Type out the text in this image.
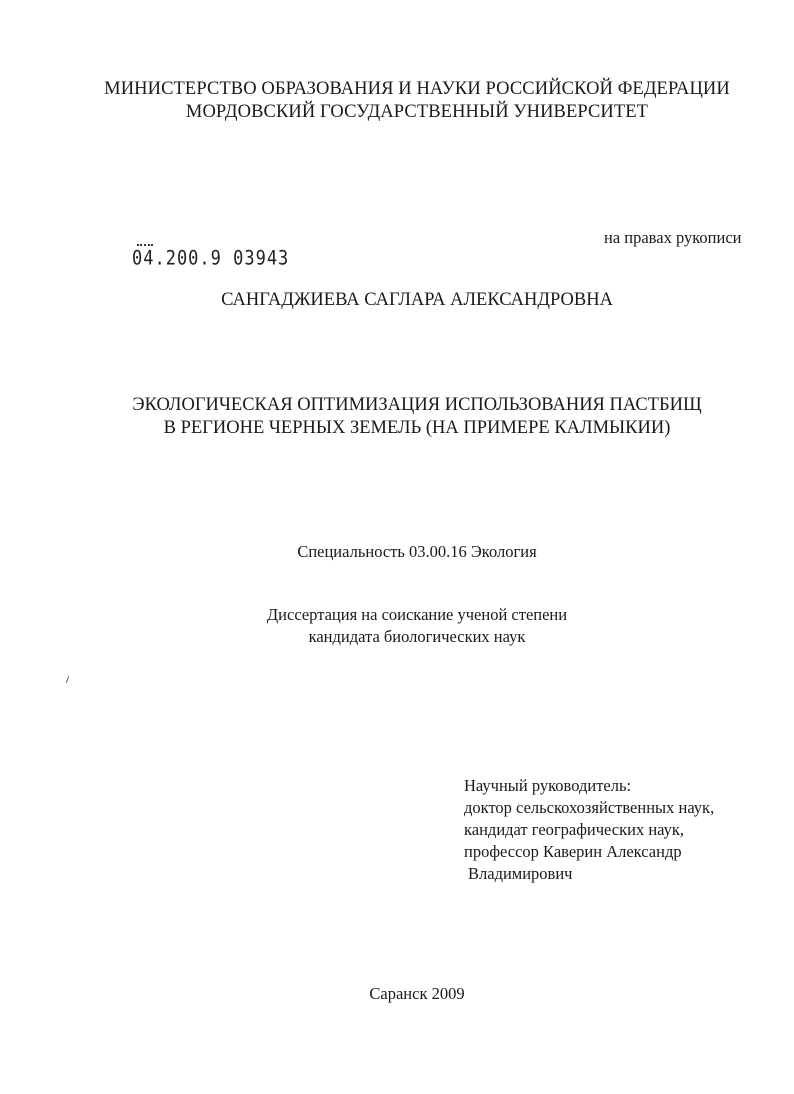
МИНИСТЕРСТВО ОБРАЗОВАНИЯ И НАУКИ РОССИЙСКОЙ ФЕДЕРАЦИИ
МОРДОВСКИЙ ГОСУДАРСТВЕННЫЙ УНИВЕРСИТЕТ
на правах рукописи
04.200.9 03943
САНГАДЖИЕВА САГЛАРА АЛЕКСАНДРОВНА
ЭКОЛОГИЧЕСКАЯ ОПТИМИЗАЦИЯ ИСПОЛЬЗОВАНИЯ ПАСТБИЩ
В РЕГИОНЕ ЧЕРНЫХ ЗЕМЕЛЬ (НА ПРИМЕРЕ КАЛМЫКИИ)
Специальность 03.00.16 Экология
Диссертация на соискание ученой степени
кандидата биологических наук
Научный руководитель:
доктор сельскохозяйственных наук,
кандидат географических наук,
профессор Каверин Александр
Владимирович
Саранск 2009
